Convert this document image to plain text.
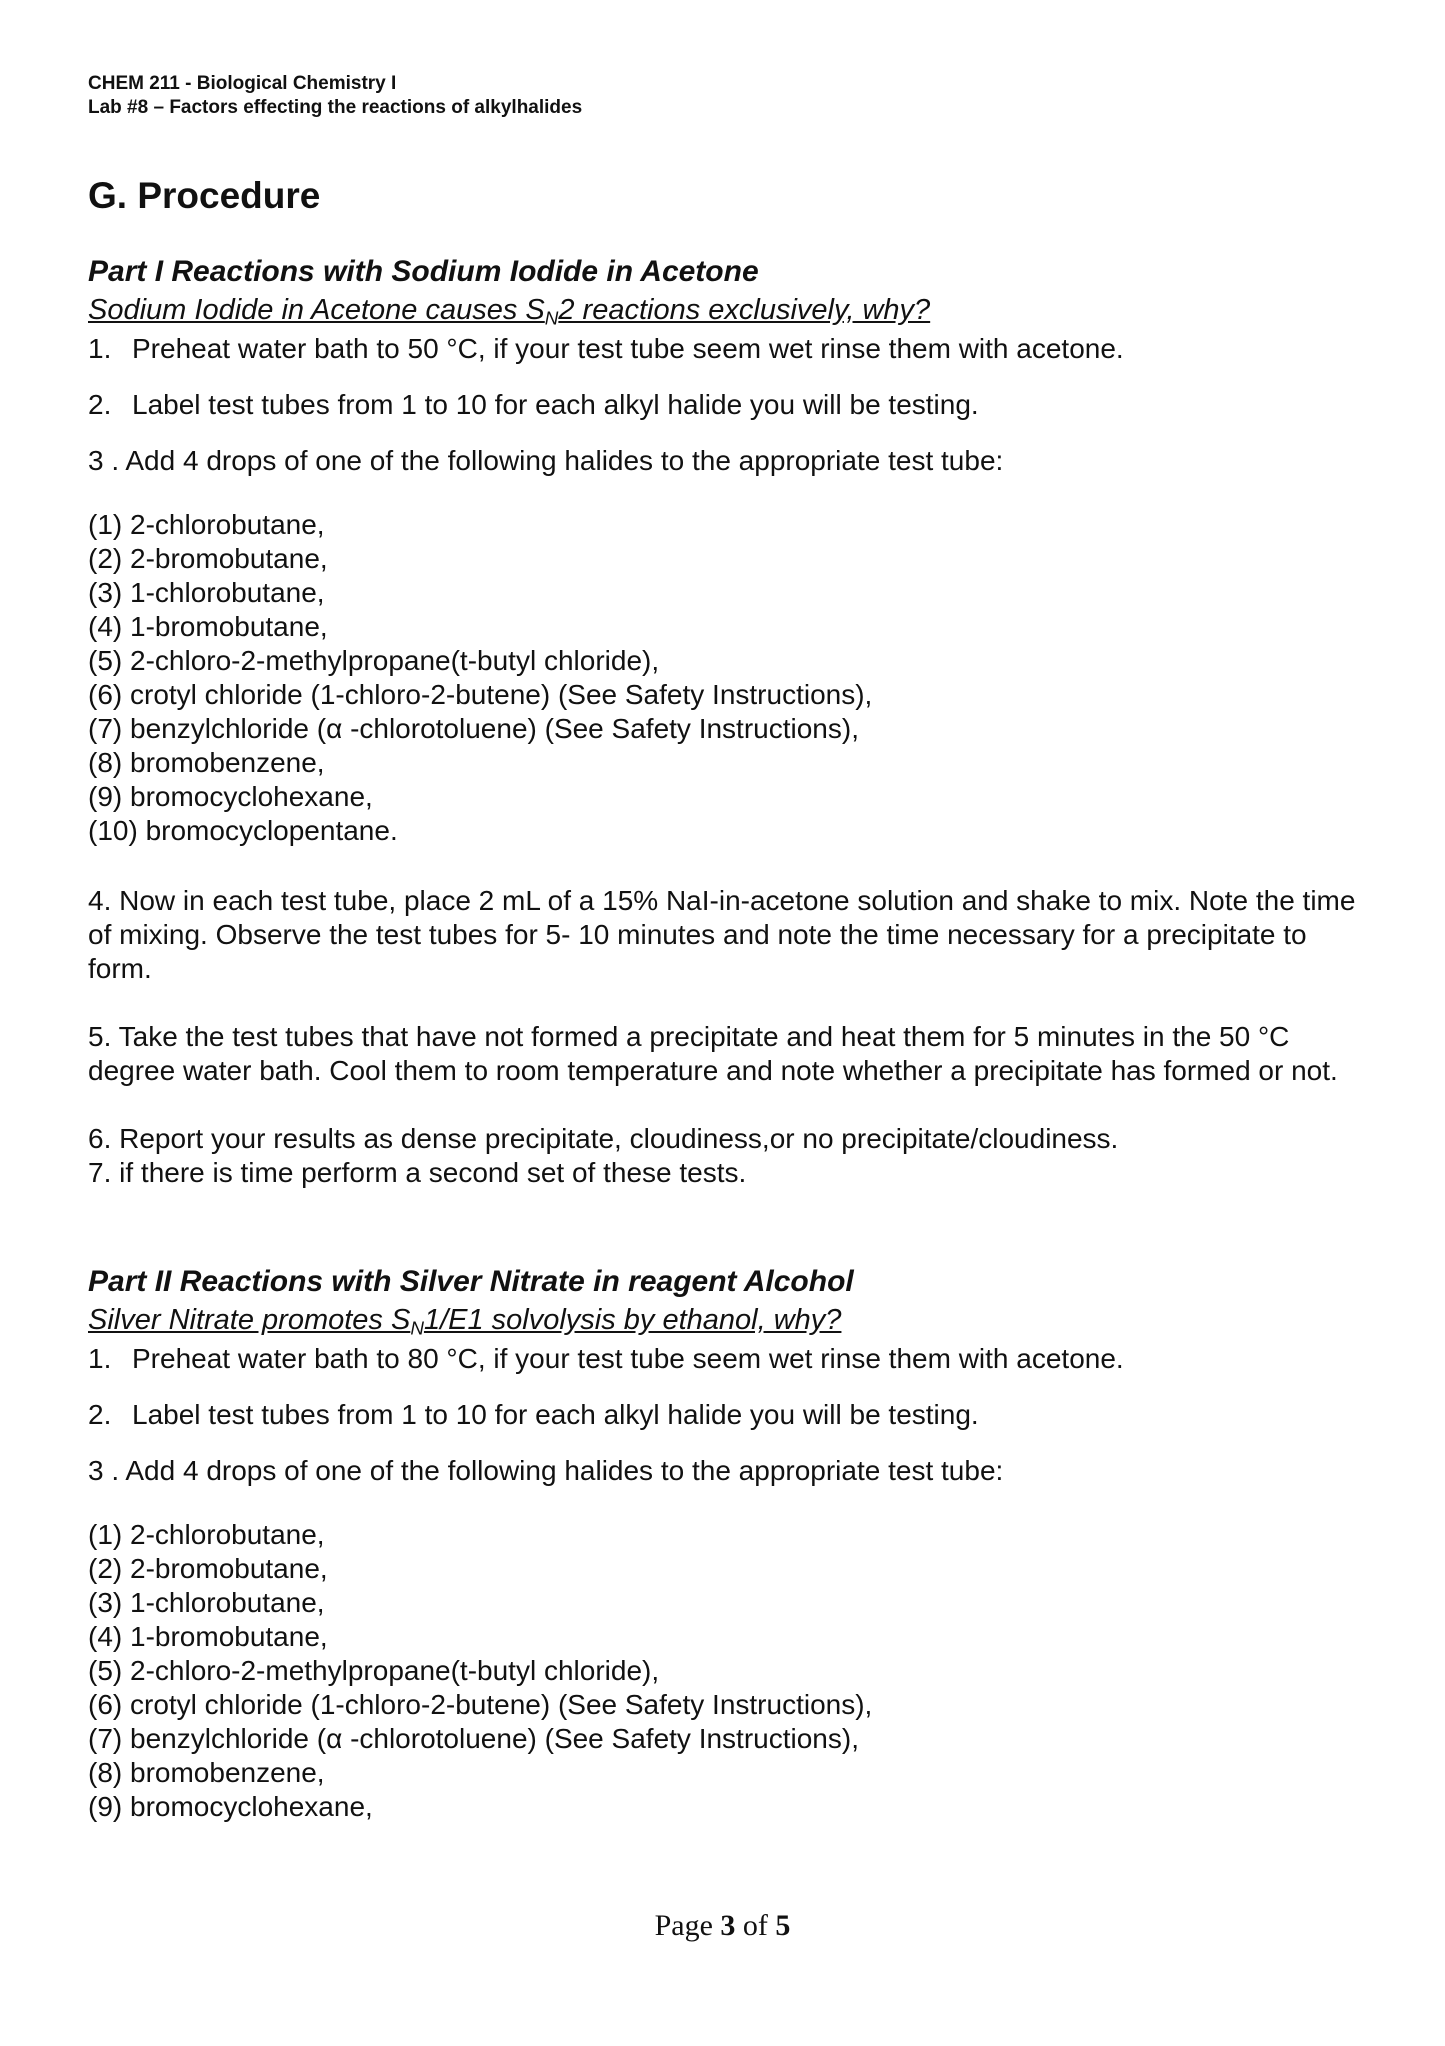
CHEM 211 - Biological Chemistry I
Lab #8 – Factors effecting the reactions of alkylhalides
G. Procedure
Part I Reactions with Sodium Iodide in Acetone
Sodium Iodide in Acetone causes $S_N2$ reactions exclusively, why?
1. Preheat water bath to 50 °C, if your test tube seem wet rinse them with acetone.
2. Label test tubes from 1 to 10 for each alkyl halide you will be testing.
3 . Add 4 drops of one of the following halides to the appropriate test tube:
(1) 2-chlorobutane,
(2) 2-bromobutane,
(3) 1-chlorobutane,
(4) 1-bromobutane,
(5) 2-chloro-2-methylpropane(t-butyl chloride),
(6) crotyl chloride (1-chloro-2-butene) (See Safety Instructions),
(7) benzylchloride (α -chlorotoluene) (See Safety Instructions),
(8) bromobenzene,
(9) bromocyclohexane,
(10) bromocyclopentane.
4. Now in each test tube, place 2 mL of a 15% NaI-in-acetone solution and shake to mix. Note the time of mixing. Observe the test tubes for 5- 10 minutes and note the time necessary for a precipitate to form.
5. Take the test tubes that have not formed a precipitate and heat them for 5 minutes in the 50 °C degree water bath. Cool them to room temperature and note whether a precipitate has formed or not.
6. Report your results as dense precipitate, cloudiness,or no precipitate/cloudiness.
7. if there is time perform a second set of these tests.
Part II Reactions with Silver Nitrate in reagent Alcohol
Silver Nitrate promotes $S_N1/E1$ solvolysis by ethanol, why?
1. Preheat water bath to 80 °C, if your test tube seem wet rinse them with acetone.
2. Label test tubes from 1 to 10 for each alkyl halide you will be testing.
3 . Add 4 drops of one of the following halides to the appropriate test tube:
(1) 2-chlorobutane,
(2) 2-bromobutane,
(3) 1-chlorobutane,
(4) 1-bromobutane,
(5) 2-chloro-2-methylpropane(t-butyl chloride),
(6) crotyl chloride (1-chloro-2-butene) (See Safety Instructions),
(7) benzylchloride (α -chlorotoluene) (See Safety Instructions),
(8) bromobenzene,
(9) bromocyclohexane,
Page 3 of 5
